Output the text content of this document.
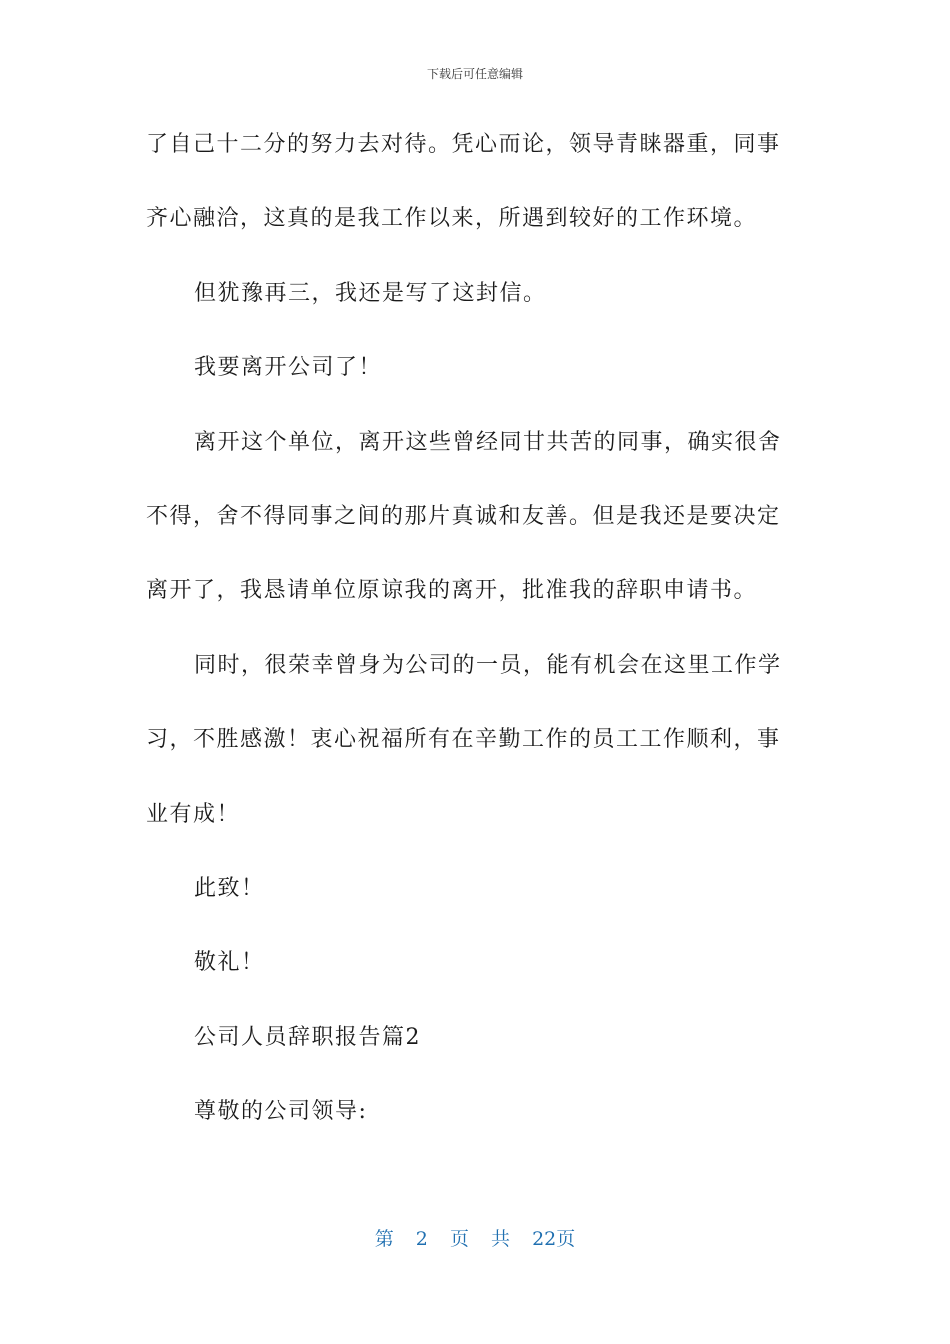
下载后可任意编辑
了自己十二分的努力去对待。凭心而论，领导青睐器重，同事
齐心融洽，这真的是我工作以来，所遇到较好的工作环境。
但犹豫再三，我还是写了这封信。
我要离开公司了！
离开这个单位，离开这些曾经同甘共苦的同事，确实很舍
不得，舍不得同事之间的那片真诚和友善。但是我还是要决定
离开了，我恳请单位原谅我的离开，批准我的辞职申请书。
同时，很荣幸曾身为公司的一员，能有机会在这里工作学
习，不胜感激！衷心祝福所有在辛勤工作的员工工作顺利，事
业有成！
此致！
敬礼！
公司人员辞职报告篇2
尊敬的公司领导:
第 2 页 共 22页
